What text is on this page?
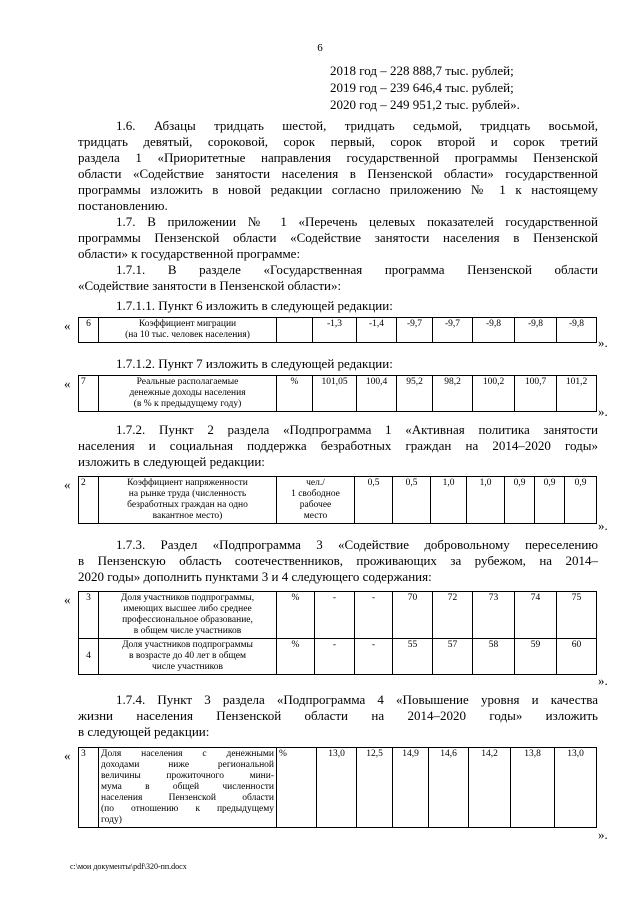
6
2018 год – 228 888,7 тыс. рублей;
2019 год – 239 646,4 тыс. рублей;
2020 год – 249 951,2 тыс. рублей».
1.6. Абзацы тридцать шестой, тридцать седьмой, тридцать восьмой,
тридцать девятый, сороковой, сорок первый, сорок второй и сорок третий
раздела 1 «Приоритетные направления государственной программы Пензенской
области «Содействие занятости населения в Пензенской области» государственной
программы изложить в новой редакции согласно приложению № 1 к настоящему
постановлению.
1.7. В приложении № 1 «Перечень целевых показателей государственной
программы Пензенской области «Содействие занятости населения в Пензенской
области» к государственной программе:
1.7.1. В разделе «Государственная программа Пензенской области
«Содействие занятости в Пензенской области»:
1.7.1.1. Пункт 6 изложить в следующей редакции:
« 6	Коэффициент миграции
(на 10 тыс. человек населения)		-1,3	-1,4	-9,7	-9,7	-9,8	-9,8	-9,8
».
1.7.1.2. Пункт 7 изложить в следующей редакции:
« 7	Реальные располагаемые
денежные доходы населения
(в % к предыдущему году)	%	101,05	100,4	95,2	98,2	100,2	100,7	101,2
».
1.7.2. Пункт 2 раздела «Подпрограмма 1 «Активная политика занятости
населения и социальная поддержка безработных граждан на 2014–2020 годы»
изложить в следующей редакции:
« 2	Коэффициент напряженности
на рынке труда (численность
безработных граждан на одно
вакантное место)	чел./
1 свободное
рабочее
место	0,5	0,5	1,0	1,0	0,9	0,9	0,9
».
1.7.3. Раздел «Подпрограмма 3 «Содействие добровольному переселению
в Пензенскую область соотечественников, проживающих за рубежом, на 2014–
2020 годы» дополнить пунктами 3 и 4 следующего содержания:
« 3	Доля участников подпрограммы,
имеющих высшее либо среднее
профессиональное образование,
в общем числе участников	%	-	-	70	72	73	74	75
4	Доля участников подпрограммы
в возрасте до 40 лет в общем
числе участников	%	-	-	55	57	58	59	60
».
1.7.4. Пункт 3 раздела «Подпрограмма 4 «Повышение уровня и качества
жизни населения Пензенской области на 2014–2020 годы» изложить
в следующей редакции:
« 3	Доля населения с денежными
доходами ниже региональной
величины прожиточного мини-
мума в общей численности
населения Пензенской области
(по отношению к предыдущему
году)
	%	13,0	12,5	14,9	14,6	14,2	13,8	13,0
».
c:\мои документы\pdf\320-пп.docx
